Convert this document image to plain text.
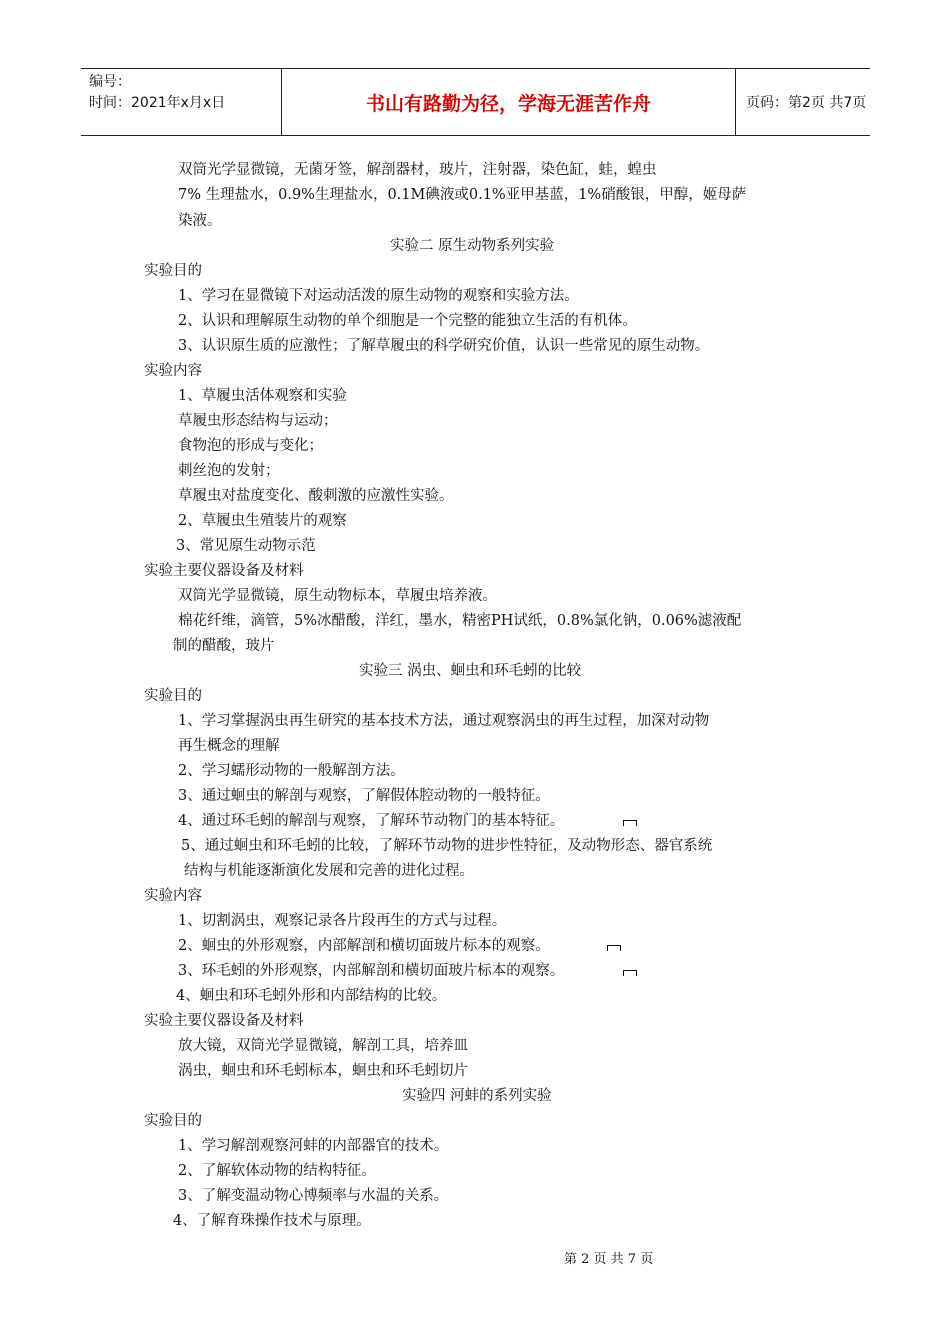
编号：
时间：2021年x月x日	书山有路勤为径，学海无涯苦作舟	页码：第2页 共7页
双筒光学显微镜，无菌牙签，解剖器材，玻片，注射器，染色缸，蛙，蝗虫
7% 生理盐水，0.9%生理盐水，0.1M碘液或0.1%亚甲基蓝，1%硝酸银，甲醇，姬母萨
染液。
实验二 原生动物系列实验
实验目的
1、学习在显微镜下对运动活泼的原生动物的观察和实验方法。
2、认识和理解原生动物的单个细胞是一个完整的能独立生活的有机体。
3、认识原生质的应激性；了解草履虫的科学研究价值，认识一些常见的原生动物。
实验内容
1、草履虫活体观察和实验
草履虫形态结构与运动；
食物泡的形成与变化；
刺丝泡的发射；
草履虫对盐度变化、酸刺激的应激性实验。
2、草履虫生殖装片的观察
3、常见原生动物示范
实验主要仪器设备及材料
双筒光学显微镜，原生动物标本，草履虫培养液。
棉花纤维，滴管，5%冰醋酸，洋红，墨水，精密PH试纸，0.8%氯化钠，0.06%滤液配
制的醋酸，玻片
实验三 涡虫、蛔虫和环毛蚓的比较
实验目的
1、学习掌握涡虫再生研究的基本技术方法，通过观察涡虫的再生过程，加深对动物
再生概念的理解
2、学习蠕形动物的一般解剖方法。
3、通过蛔虫的解剖与观察，了解假体腔动物的一般特征。
4、通过环毛蚓的解剖与观察，了解环节动物门的基本特征。
5、通过蛔虫和环毛蚓的比较，了解环节动物的进步性特征，及动物形态、器官系统
结构与机能逐渐演化发展和完善的进化过程。
实验内容
1、切割涡虫，观察记录各片段再生的方式与过程。
2、蛔虫的外形观察，内部解剖和横切面玻片标本的观察。
3、环毛蚓的外形观察，内部解剖和横切面玻片标本的观察。
4、蛔虫和环毛蚓外形和内部结构的比较。
实验主要仪器设备及材料
放大镜，双筒光学显微镜，解剖工具，培养皿
涡虫，蛔虫和环毛蚓标本，蛔虫和环毛蚓切片
实验四 河蚌的系列实验
实验目的
1、学习解剖观察河蚌的内部器官的技术。
2、了解软体动物的结构特征。
3、了解变温动物心博频率与水温的关系。
4、了解育珠操作技术与原理。
第 2 页 共 7 页
